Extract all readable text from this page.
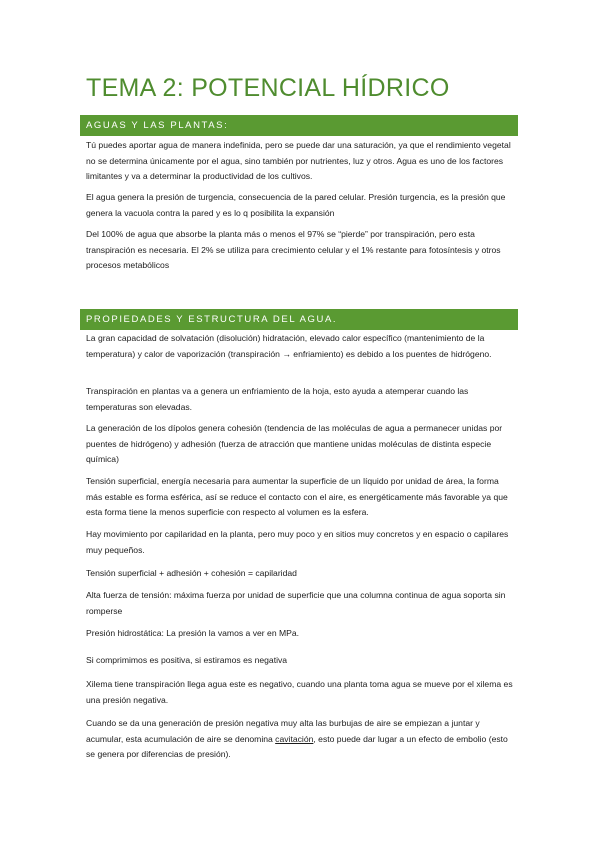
TEMA 2: POTENCIAL HÍDRICO
AGUAS Y LAS PLANTAS:

Tú puedes aportar agua de manera indefinida, pero se puede dar una saturación, ya que el rendimiento vegetal no se determina únicamente por el agua, sino también por nutrientes, luz y otros. Agua es uno de los factores limitantes y va a determinar la productividad de los cultivos.

El agua genera la presión de turgencia, consecuencia de la pared celular. Presión turgencia, es la presión que genera la vacuola contra la pared y es lo q posibilita la expansión

Del 100% de agua que absorbe la planta más o menos el 97% se “pierde” por transpiración, pero esta transpiración es necesaria. El 2% se utiliza para crecimiento celular y el 1% restante para fotosíntesis y otros procesos metabólicos

PROPIEDADES Y ESTRUCTURA DEL AGUA.

La gran capacidad de solvatación (disolución) hidratación, elevado calor específico (mantenimiento de la temperatura) y calor de vaporización (transpiración → enfriamiento) es debido a los puentes de hidrógeno.

Transpiración en plantas va a genera un enfriamiento de la hoja, esto ayuda a atemperar cuando las temperaturas son elevadas.

La generación de los dípolos genera cohesión (tendencia de las moléculas de agua a permanecer unidas por puentes de hidrógeno) y adhesión (fuerza de atracción que mantiene unidas moléculas de distinta especie química)

Tensión superficial, energía necesaria para aumentar la superficie de un líquido por unidad de área, la forma más estable es forma esférica, así se reduce el contacto con el aire, es energéticamente más favorable ya que esta forma tiene la menos superficie con respecto al volumen es la esfera.

Hay movimiento por capilaridad en la planta, pero muy poco y en sitios muy concretos y en espacio o capilares muy pequeños.

Tensión superficial + adhesión + cohesión = capilaridad

Alta fuerza de tensión: máxima fuerza por unidad de superficie que una columna continua de agua soporta sin romperse

Presión hidrostática: La presión la vamos a ver en MPa.

Si comprimimos es positiva, si estiramos es negativa

Xilema tiene transpiración llega agua este es negativo, cuando una planta toma agua se mueve por el xilema es una presión negativa.

Cuando se da una generación de presión negativa muy alta las burbujas de aire se empiezan a juntar y acumular, esta acumulación de aire se denomina cavitación, esto puede dar lugar a un efecto de embolio (esto se genera por diferencias de presión).
